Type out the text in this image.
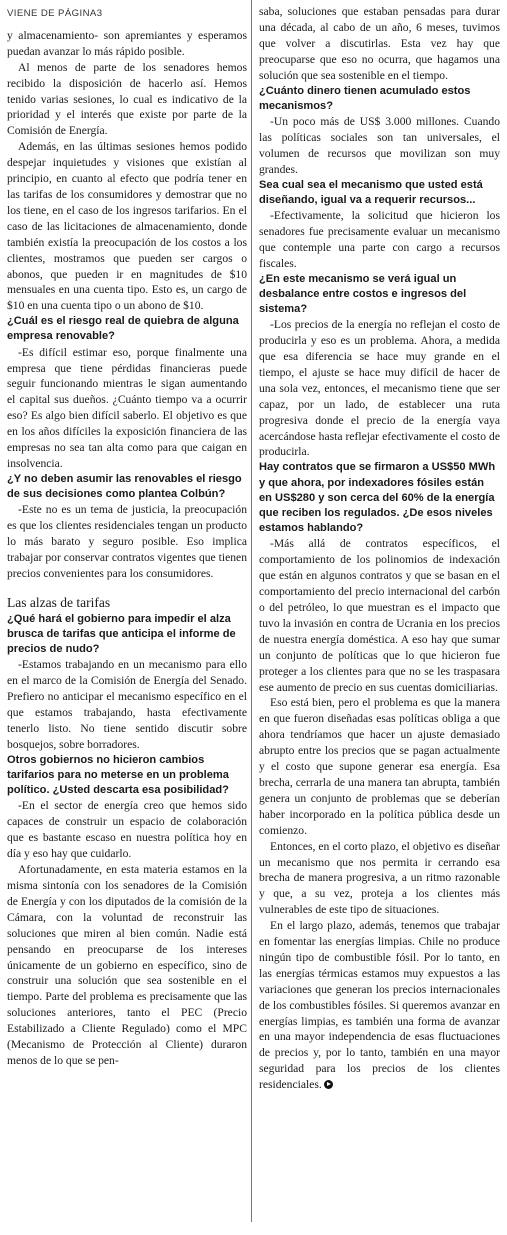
VIENE DE PÁGINA3

y almacenamiento- son apremiantes y esperamos puedan avanzar lo más rápido posible.

Al menos de parte de los senadores hemos recibido la disposición de hacerlo así. Hemos tenido varias sesiones, lo cual es indicativo de la prioridad y el interés que existe por parte de la Comisión de Energía.

Además, en las últimas sesiones hemos podido despejar inquietudes y visiones que existían al principio, en cuanto al efecto que podría tener en las tarifas de los consumidores y demostrar que no los tiene, en el caso de los ingresos tarifarios. En el caso de las licitaciones de almacenamiento, donde también existía la preocupación de los costos a los clientes, mostramos que pueden ser cargos o abonos, que pueden ir en magnitudes de $10 mensuales en una cuenta tipo. Esto es, un cargo de $10 en una cuenta tipo o un abono de $10.

¿Cuál es el riesgo real de quiebra de alguna empresa renovable?

-Es difícil estimar eso, porque finalmente una empresa que tiene pérdidas financieras puede seguir funcionando mientras le sigan aumentando el capital sus dueños. ¿Cuánto tiempo va a ocurrir eso? Es algo bien difícil saberlo. El objetivo es que en los años difíciles la exposición financiera de las empresas no sea tan alta como para que caigan en insolvencia.

¿Y no deben asumir las renovables el riesgo de sus decisiones como plantea Colbún?

-Este no es un tema de justicia, la preocupación es que los clientes residenciales tengan un producto lo más barato y seguro posible. Eso implica trabajar por conservar contratos vigentes que tienen precios convenientes para los consumidores.

Las alzas de tarifas
¿Qué hará el gobierno para impedir el alza brusca de tarifas que anticipa el informe de precios de nudo?

-Estamos trabajando en un mecanismo para ello en el marco de la Comisión de Energía del Senado. Prefiero no anticipar el mecanismo específico en el que estamos trabajando, hasta efectivamente tenerlo listo. No tiene sentido discutir sobre bosquejos, sobre borradores.

Otros gobiernos no hicieron cambios tarifarios para no meterse en un problema político. ¿Usted descarta esa posibilidad?

-En el sector de energía creo que hemos sido capaces de construir un espacio de colaboración que es bastante escaso en nuestra política hoy en día y eso hay que cuidarlo.

Afortunadamente, en esta materia estamos en la misma sintonía con los senadores de la Comisión de Energía y con los diputados de la comisión de la Cámara, con la voluntad de reconstruir las soluciones que miren al bien común. Nadie está pensando en preocuparse de los intereses únicamente de un gobierno en específico, sino de construir una solución que sea sostenible en el tiempo. Parte del problema es precisamente que las soluciones anteriores, tanto el PEC (Precio Estabilizado a Cliente Regulado) como el MPC (Mecanismo de Protección al Cliente) duraron menos de lo que se pen-

saba, soluciones que estaban pensadas para durar una década, al cabo de un año, 6 meses, tuvimos que volver a discutirlas. Esta vez hay que preocuparse que eso no ocurra, que hagamos una solución que sea sostenible en el tiempo.

¿Cuánto dinero tienen acumulado estos mecanismos?

-Un poco más de US$ 3.000 millones. Cuando las políticas sociales son tan universales, el volumen de recursos que movilizan son muy grandes.

Sea cual sea el mecanismo que usted está diseñando, igual va a requerir recursos...

-Efectivamente, la solicitud que hicieron los senadores fue precisamente evaluar un mecanismo que contemple una parte con cargo a recursos fiscales.

¿En este mecanismo se verá igual un desbalance entre costos e ingresos del sistema?

-Los precios de la energía no reflejan el costo de producirla y eso es un problema. Ahora, a medida que esa diferencia se hace muy grande en el tiempo, el ajuste se hace muy difícil de hacer de una sola vez, entonces, el mecanismo tiene que ser capaz, por un lado, de establecer una ruta progresiva donde el precio de la energía vaya acercándose hasta reflejar efectivamente el costo de producirla.

Hay contratos que se firmaron a US$50 MWh y que ahora, por indexadores fósiles están en US$280 y son cerca del 60% de la energía que reciben los regulados. ¿De esos niveles estamos hablando?

-Más allá de contratos específicos, el comportamiento de los polinomios de indexación que están en algunos contratos y que se basan en el comportamiento del precio internacional del carbón o del petróleo, lo que muestran es el impacto que tuvo la invasión en contra de Ucrania en los precios de nuestra energía doméstica. A eso hay que sumar un conjunto de políticas que lo que hicieron fue proteger a los clientes para que no se les traspasara ese aumento de precio en sus cuentas domiciliarias.

Eso está bien, pero el problema es que la manera en que fueron diseñadas esas políticas obliga a que ahora tendríamos que hacer un ajuste demasiado abrupto entre los precios que se pagan actualmente y el costo que supone generar esa energía. Esa brecha, cerrarla de una manera tan abrupta, también genera un conjunto de problemas que se deberían haber incorporado en la política pública desde un comienzo.

Entonces, en el corto plazo, el objetivo es diseñar un mecanismo que nos permita ir cerrando esa brecha de manera progresiva, a un ritmo razonable y que, a su vez, proteja a los clientes más vulnerables de este tipo de situaciones.

En el largo plazo, además, tenemos que trabajar en fomentar las energías limpias. Chile no produce ningún tipo de combustible fósil. Por lo tanto, en las energías térmicas estamos muy expuestos a las variaciones que generan los precios internacionales de los combustibles fósiles. Si queremos avanzar en energías limpias, es también una forma de avanzar en una mayor independencia de esas fluctuaciones de precios y, por lo tanto, también en una mayor seguridad para los precios de los clientes residenciales.
